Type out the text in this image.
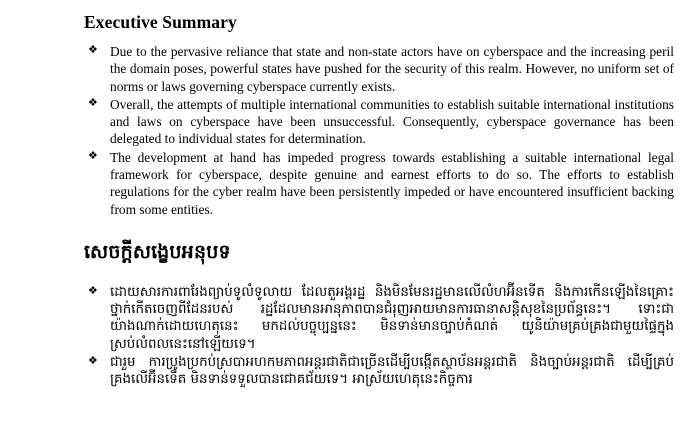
Executive Summary
❖ Due to the pervasive reliance that state and non-state actors have on cyberspace and the increasing peril the domain poses, powerful states have pushed for the security of this realm. However, no uniform set of norms or laws governing cyberspace currently exists.
❖ Overall, the attempts of multiple international communities to establish suitable international institutions and laws on cyberspace have been unsuccessful. Consequently, cyberspace governance has been delegated to individual states for determination.
❖ The development at hand has impeded progress towards establishing a suitable international legal framework for cyberspace, despite genuine and earnest efforts to do so. The efforts to establish regulations for the cyber realm have been persistently impeded or have encountered insufficient backing from some entities.
សេចក្ដីសង្ខេបអនុបទ
❖ ដោយសារការពារែងព្យាប់ទូលំទូលាយ ដែលតួអង្គរដ្ឋ និងមិនមែនរដ្ឋមានលើលំហអ៊ីនទើត និងការកើនឡើងនៃគ្រោះថ្នាក់កើតចេញពីដែនរបស់ រដ្ឋដែលមានអានុភាពបានជំរុញអាយមានការធានាសន្តិសុខនៃប្រព័ន្ធនេះ។ ទោះជាយ៉ាងណាក់ដោយហេតុនេះ មកដល់បច្ចុប្បន្ននេះ មិនទាន់មានច្បាប់កំណត់ យូនិយ៉ាមគ្រប់គ្រងជាមួយផ្ទៃក្នុងស្រប់លំពលនេះនៅឡើយទេ។
❖ ជារួម ការប្រូងប្រកប់ស្របាអហកមភាពអន្តរជាតិជាច្រើនដើម្បីបង្កើតស្ថាប័នអន្តរជាតិ និងច្បាប់អន្តរជាតិ ដើម្បីគ្រប់គ្រងលើអ៊ីនទើត មិនទាន់ទទួលបានជោគជ័យទេ។ អាស្រ័យហេតុនេះកិច្ចការ
